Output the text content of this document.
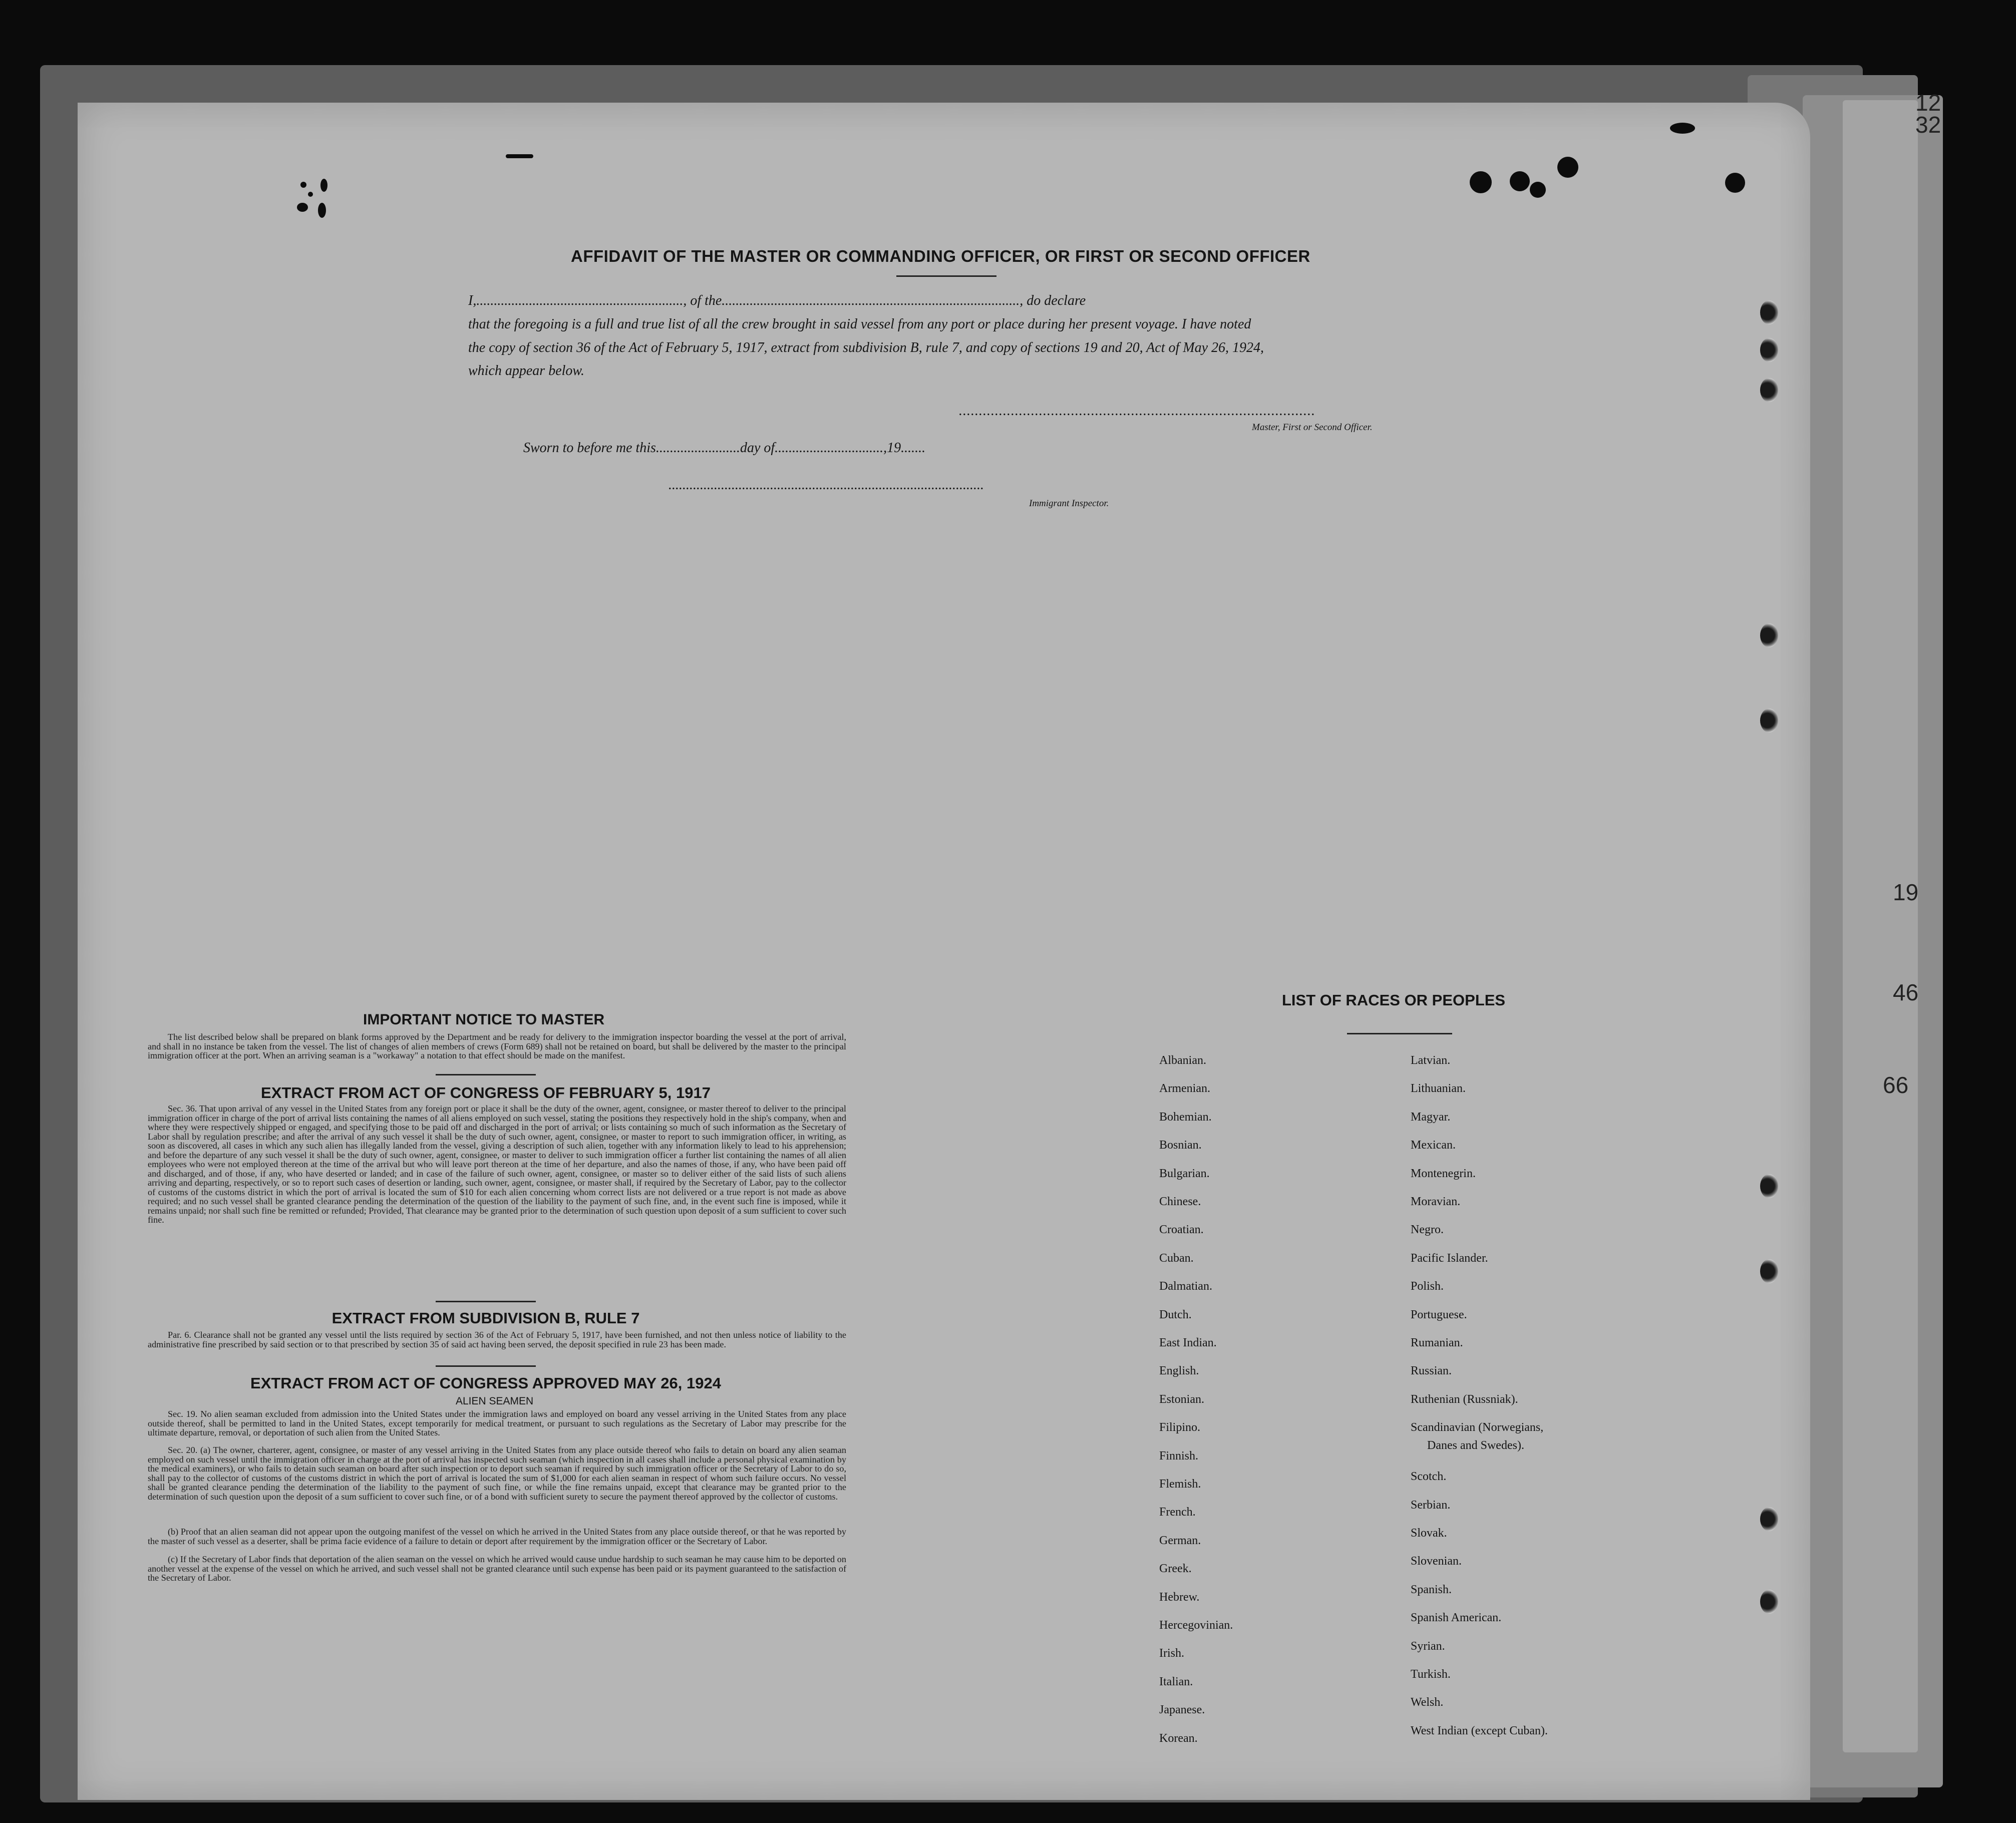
12
32
19
46
66
AFFIDAVIT OF THE MASTER OR COMMANDING OFFICER, OR FIRST OR SECOND OFFICER
I,..........................................................., of the....................................................................................., do declare
that the foregoing is a full and true list of all the crew brought in said vessel from any port or place during her present voyage. I have noted
the copy of section 36 of the Act of February 5, 1917, extract from subdivision B, rule 7, and copy of sections 19 and 20, Act of May 26, 1924,
which appear below.
.........................................................................................
Master, First or Second Officer.
Sworn to before me this........................day of...............................,19.......
..........................................................................................
Immigrant Inspector.
IMPORTANT NOTICE TO MASTER
The list described below shall be prepared on blank forms approved by the Department and be ready for delivery to the immigration inspector boarding the vessel at the port of arrival, and shall in no instance be taken from the vessel. The list of changes of alien members of crews (Form 689) shall not be retained on board, but shall be delivered by the master to the principal immigration officer at the port. When an arriving seaman is a "workaway" a notation to that effect should be made on the manifest.
EXTRACT FROM ACT OF CONGRESS OF FEBRUARY 5, 1917
Sec. 36. That upon arrival of any vessel in the United States from any foreign port or place it shall be the duty of the owner, agent, consignee, or master thereof to deliver to the principal immigration officer in charge of the port of arrival lists containing the names of all aliens employed on such vessel, stating the positions they respectively hold in the ship's company, when and where they were respectively shipped or engaged, and specifying those to be paid off and discharged in the port of arrival; or lists containing so much of such information as the Secretary of Labor shall by regulation prescribe; and after the arrival of any such vessel it shall be the duty of such owner, agent, consignee, or master to report to such immigration officer, in writing, as soon as discovered, all cases in which any such alien has illegally landed from the vessel, giving a description of such alien, together with any information likely to lead to his apprehension; and before the departure of any such vessel it shall be the duty of such owner, agent, consignee, or master to deliver to such immigration officer a further list containing the names of all alien employees who were not employed thereon at the time of the arrival but who will leave port thereon at the time of her departure, and also the names of those, if any, who have been paid off and discharged, and of those, if any, who have deserted or landed; and in case of the failure of such owner, agent, consignee, or master so to deliver either of the said lists of such aliens arriving and departing, respectively, or so to report such cases of desertion or landing, such owner, agent, consignee, or master shall, if required by the Secretary of Labor, pay to the collector of customs of the customs district in which the port of arrival is located the sum of $10 for each alien concerning whom correct lists are not delivered or a true report is not made as above required; and no such vessel shall be granted clearance pending the determination of the question of the liability to the payment of such fine, and, in the event such fine is imposed, while it remains unpaid; nor shall such fine be remitted or refunded; Provided, That clearance may be granted prior to the determination of such question upon deposit of a sum sufficient to cover such fine.
EXTRACT FROM SUBDIVISION B, RULE 7
Par. 6. Clearance shall not be granted any vessel until the lists required by section 36 of the Act of February 5, 1917, have been furnished, and not then unless notice of liability to the administrative fine prescribed by said section or to that prescribed by section 35 of said act having been served, the deposit specified in rule 23 has been made.
EXTRACT FROM ACT OF CONGRESS APPROVED MAY 26, 1924
ALIEN SEAMEN
Sec. 19. No alien seaman excluded from admission into the United States under the immigration laws and employed on board any vessel arriving in the United States from any place outside thereof, shall be permitted to land in the United States, except temporarily for medical treatment, or pursuant to such regulations as the Secretary of Labor may prescribe for the ultimate departure, removal, or deportation of such alien from the United States.
Sec. 20. (a) The owner, charterer, agent, consignee, or master of any vessel arriving in the United States from any place outside thereof who fails to detain on board any alien seaman employed on such vessel until the immigration officer in charge at the port of arrival has inspected such seaman (which inspection in all cases shall include a personal physical examination by the medical examiners), or who fails to detain such seaman on board after such inspection or to deport such seaman if required by such immigration officer or the Secretary of Labor to do so, shall pay to the collector of customs of the customs district in which the port of arrival is located the sum of $1,000 for each alien seaman in respect of whom such failure occurs. No vessel shall be granted clearance pending the determination of the liability to the payment of such fine, or while the fine remains unpaid, except that clearance may be granted prior to the determination of such question upon the deposit of a sum sufficient to cover such fine, or of a bond with sufficient surety to secure the payment thereof approved by the collector of customs.
(b) Proof that an alien seaman did not appear upon the outgoing manifest of the vessel on which he arrived in the United States from any place outside thereof, or that he was reported by the master of such vessel as a deserter, shall be prima facie evidence of a failure to detain or deport after requirement by the immigration officer or the Secretary of Labor.
(c) If the Secretary of Labor finds that deportation of the alien seaman on the vessel on which he arrived would cause undue hardship to such seaman he may cause him to be deported on another vessel at the expense of the vessel on which he arrived, and such vessel shall not be granted clearance until such expense has been paid or its payment guaranteed to the satisfaction of the Secretary of Labor.
LIST OF RACES OR PEOPLES
Albanian.
Armenian.
Bohemian.
Bosnian.
Bulgarian.
Chinese.
Croatian.
Cuban.
Dalmatian.
Dutch.
East Indian.
English.
Estonian.
Filipino.
Finnish.
Flemish.
French.
German.
Greek.
Hebrew.
Hercegovinian.
Irish.
Italian.
Japanese.
Korean.
Latvian.
Lithuanian.
Magyar.
Mexican.
Montenegrin.
Moravian.
Negro.
Pacific Islander.
Polish.
Portuguese.
Rumanian.
Russian.
Ruthenian (Russniak).
Scandinavian (Norwegians,
Danes and Swedes).
Scotch.
Serbian.
Slovak.
Slovenian.
Spanish.
Spanish American.
Syrian.
Turkish.
Welsh.
West Indian (except Cuban).
